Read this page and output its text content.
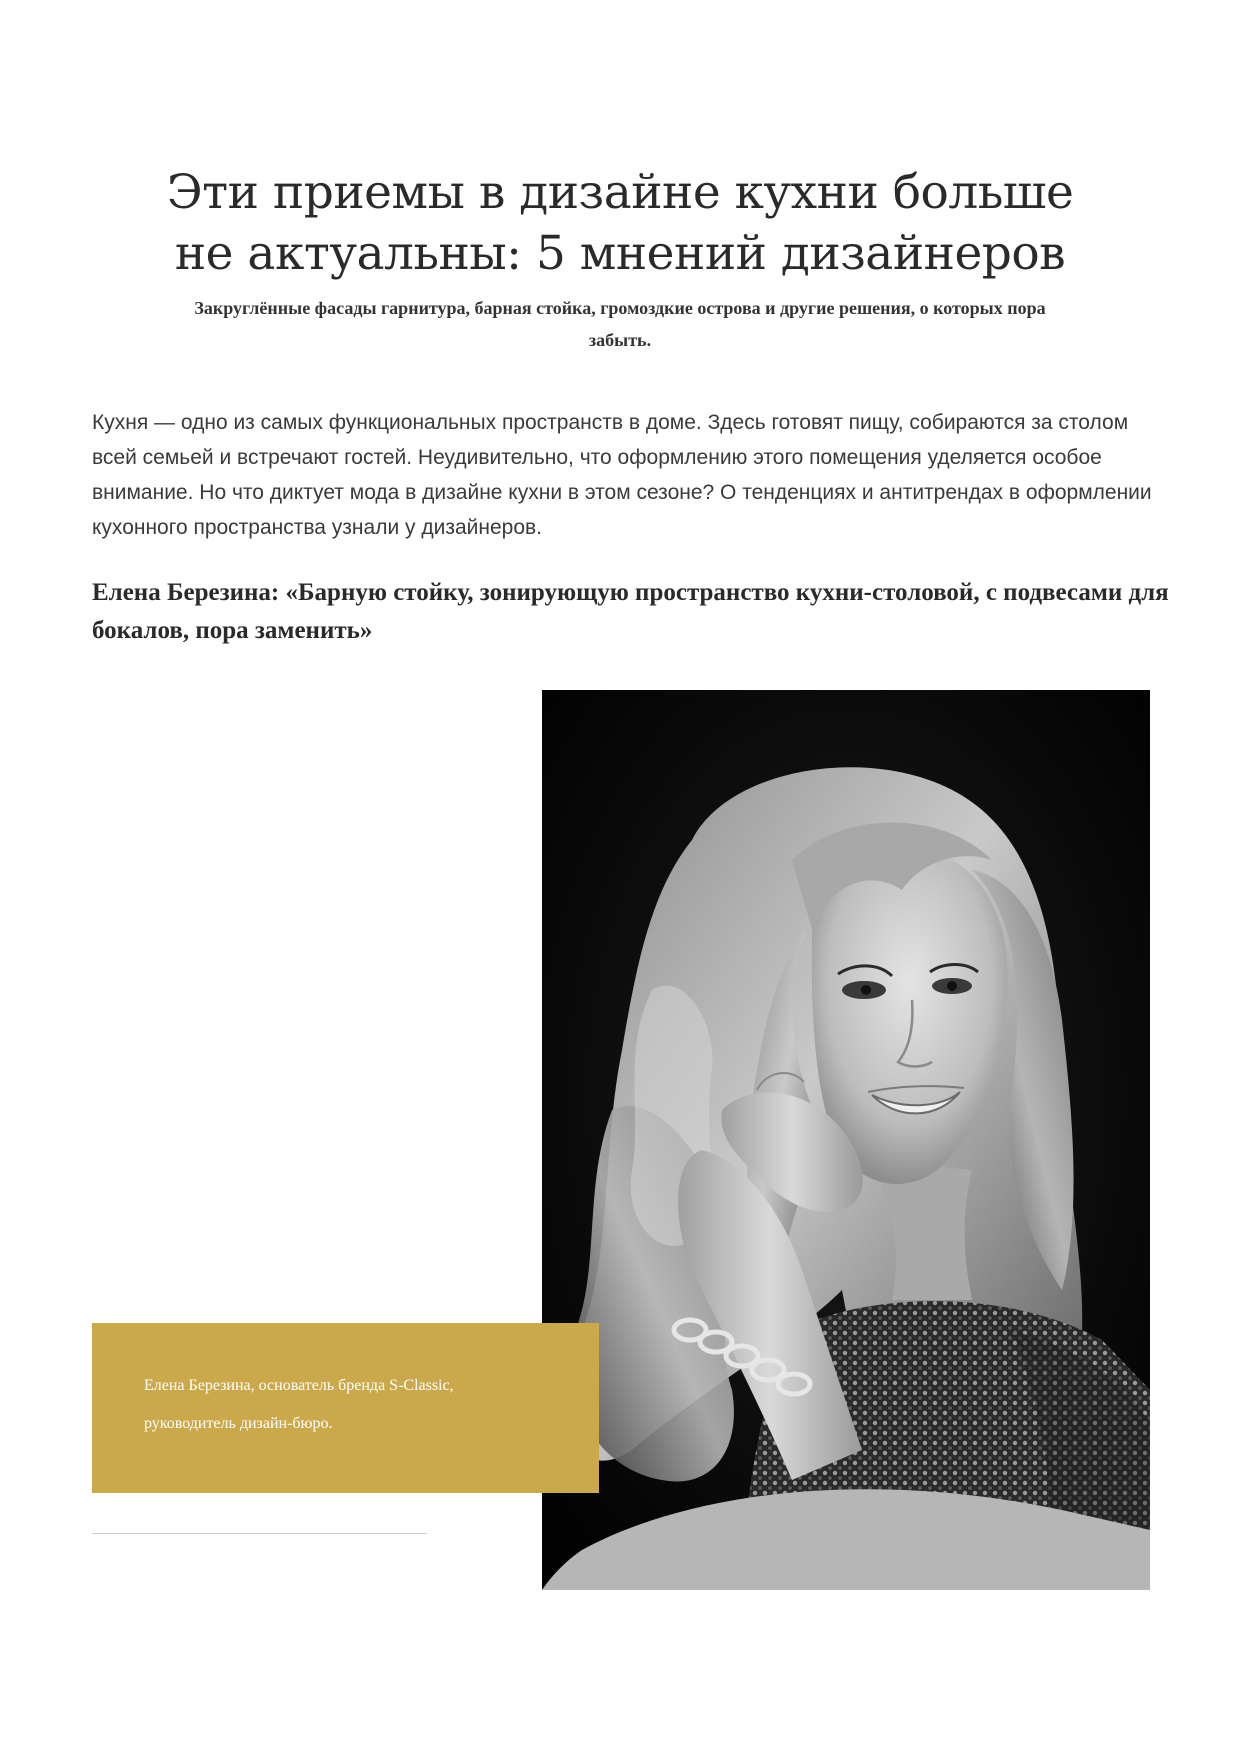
Эти приемы в дизайне кухни больше
не актуальны: 5 мнений дизайнеров

Закруглённые фасады гарнитура, барная стойка, громоздкие острова и другие решения, о которых пора забыть.

Кухня — одно из самых функциональных пространств в доме. Здесь готовят пищу, собираются за столом всей семьей и встречают гостей. Неудивительно, что оформлению этого помещения уделяется особое внимание. Но что диктует мода в дизайне кухни в этом сезоне? О тенденциях и антитрендах в оформлении кухонного пространства узнали у дизайнеров.

Елена Березина: «Барную стойку, зонирующую пространство кухни-столовой, с подвесами для бокалов, пора заменить»

Елена Березина, основатель бренда S-Classic,
руководитель дизайн-бюро.
